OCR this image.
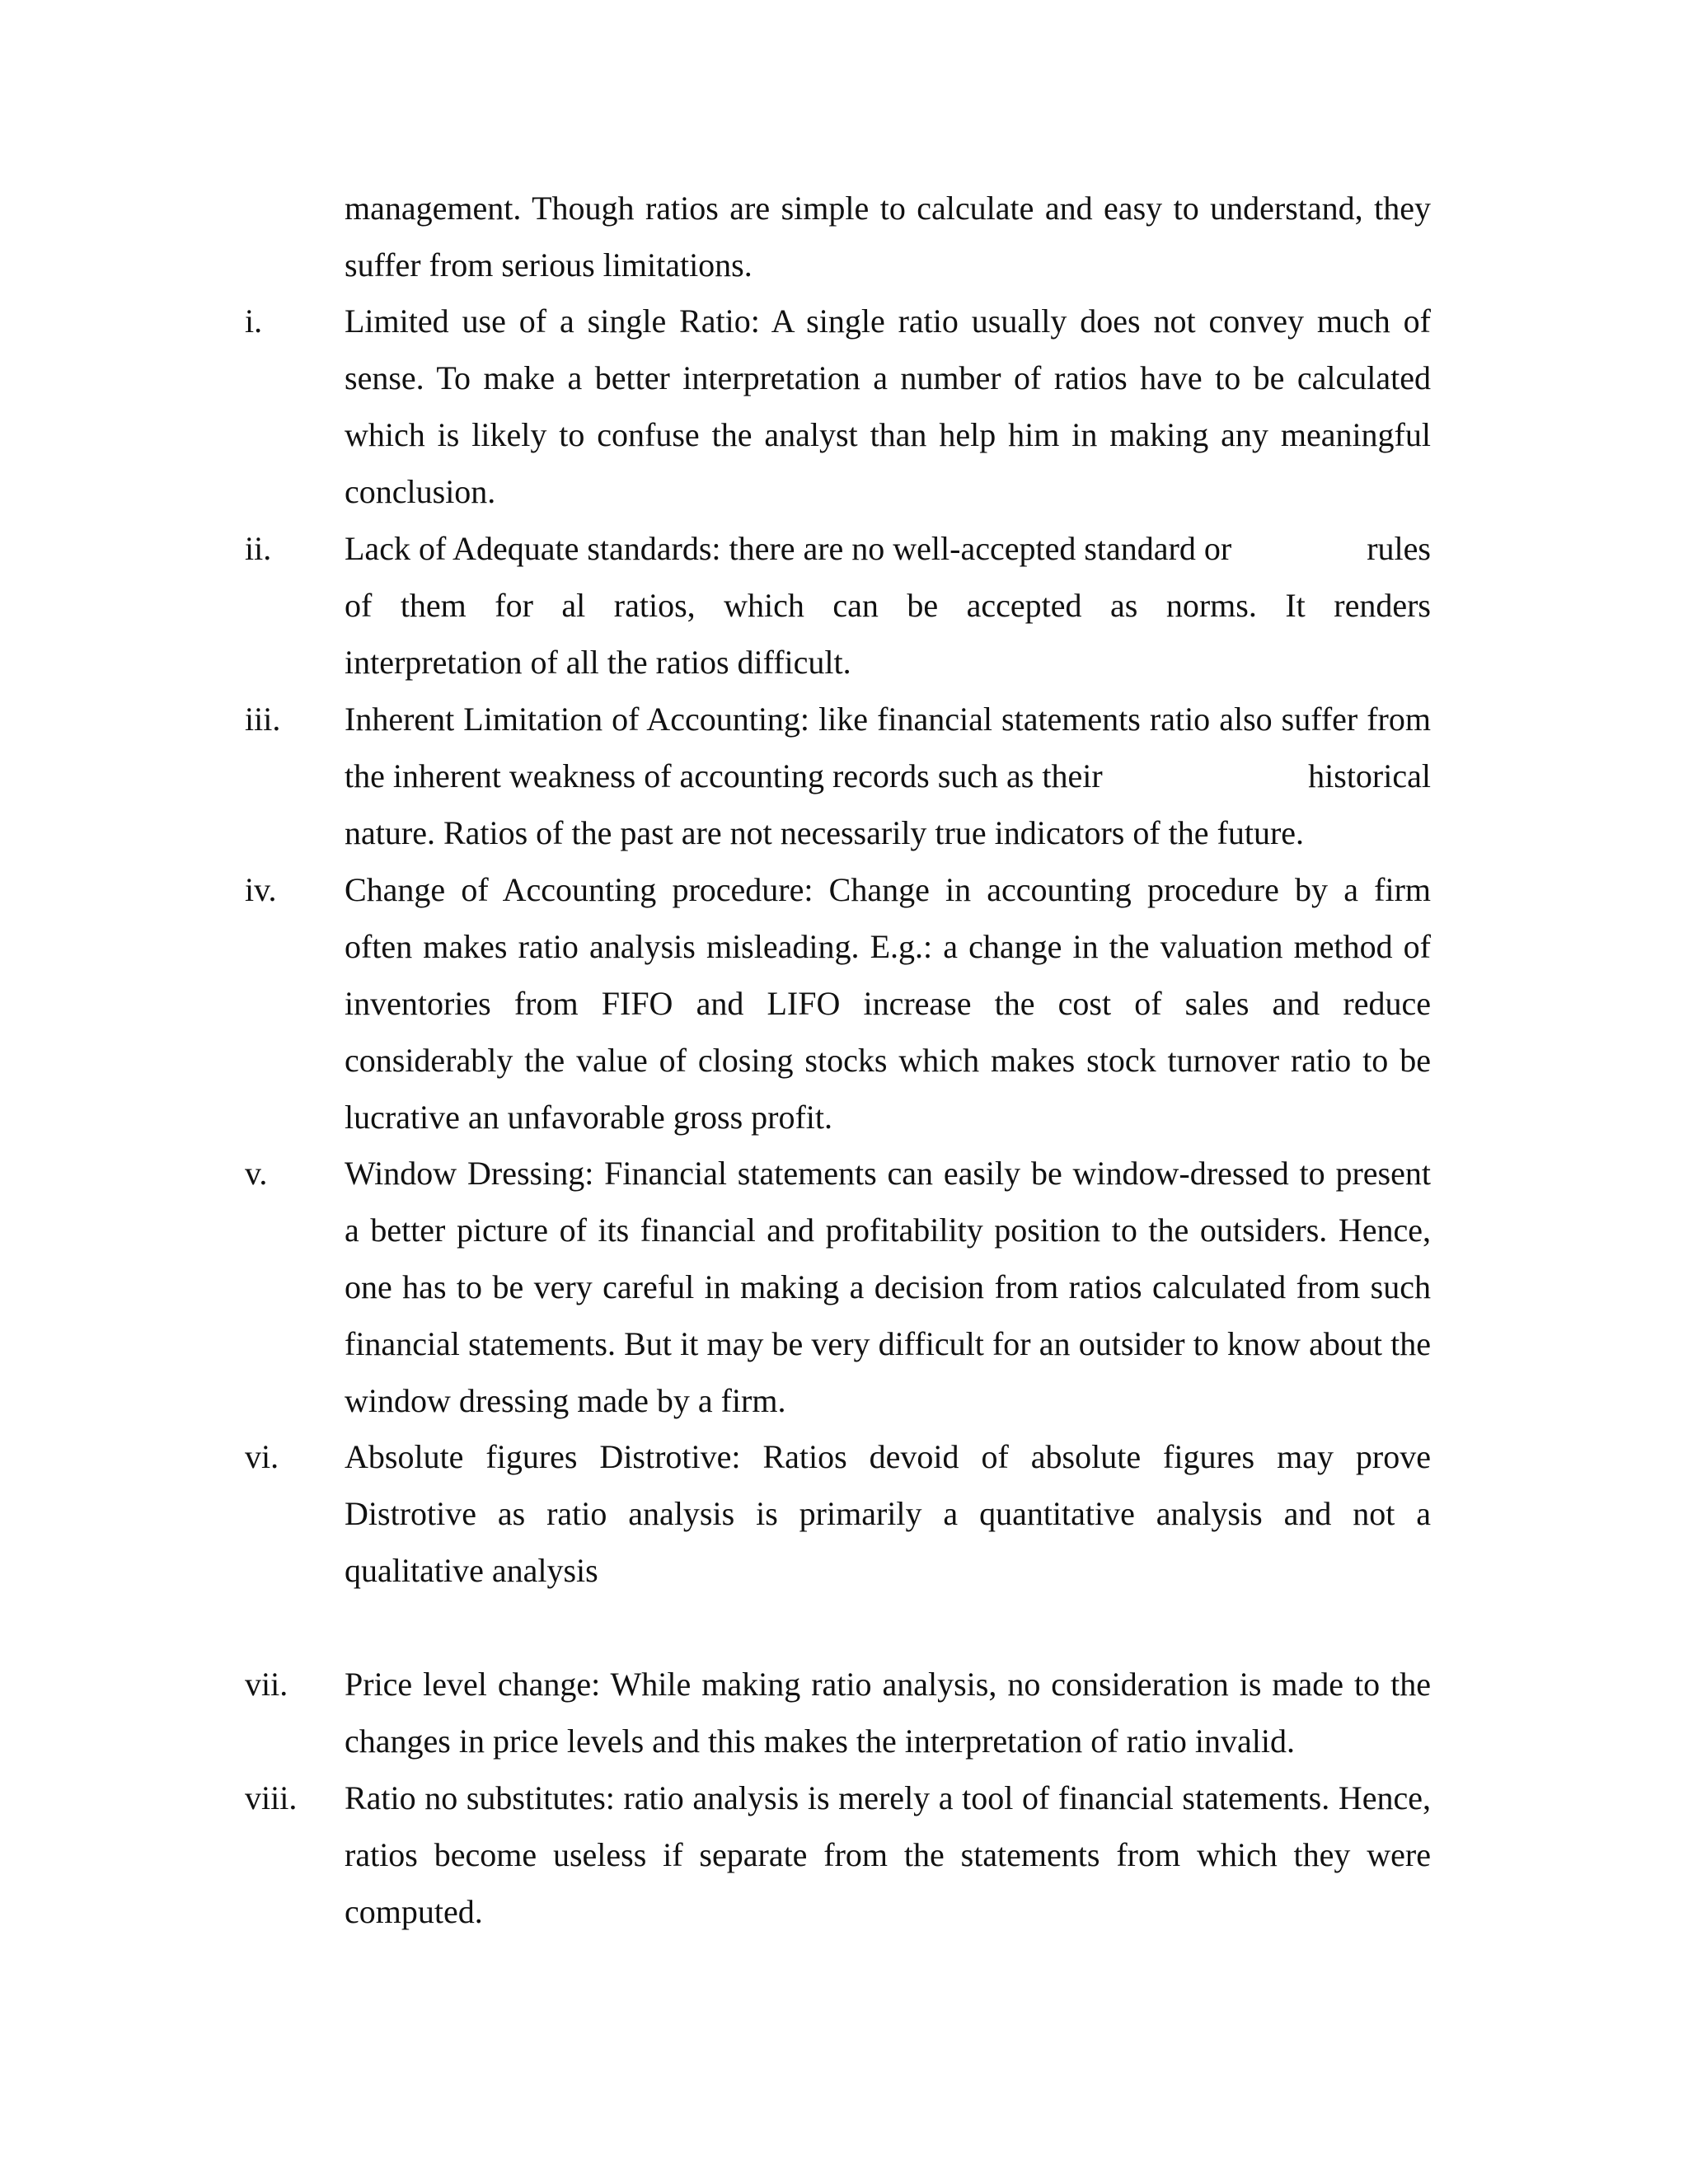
management. Though ratios are simple to calculate and easy to understand, they
suffer from serious limitations.

i. Limited use of a single Ratio: A single ratio usually does not convey much of
sense. To make a better interpretation a number of ratios have to be calculated
which is likely to confuse the analyst than help him in making any meaningful
conclusion.

ii. Lack of Adequate standards: there are no well-accepted standard or	rules
of them for al ratios, which can be accepted as norms. It renders
interpretation of all the ratios difficult.

iii. Inherent Limitation of Accounting: like financial statements ratio also suffer from
the inherent weakness of accounting records such as their	historical
nature. Ratios of the past are not necessarily true indicators of the future.

iv. Change of Accounting procedure: Change in accounting procedure by a firm
often makes ratio analysis misleading. E.g.: a change in the valuation method of
inventories from FIFO and LIFO increase the cost of sales and reduce
considerably the value of closing stocks which makes stock turnover ratio to be
lucrative an unfavorable gross profit.

v. Window Dressing: Financial statements can easily be window-dressed to present
a better picture of its financial and profitability position to the outsiders. Hence,
one has to be very careful in making a decision from ratios calculated from such
financial statements. But it may be very difficult for an outsider to know about the
window dressing made by a firm.

vi. Absolute figures Distrotive: Ratios devoid of absolute figures may prove
Distrotive as ratio analysis is primarily a quantitative analysis and not a
qualitative analysis

vii. Price level change: While making ratio analysis, no consideration is made to the
changes in price levels and this makes the interpretation of ratio invalid.

viii. Ratio no substitutes: ratio analysis is merely a tool of financial statements. Hence,
ratios become useless if separate from the statements from which they were
computed.
